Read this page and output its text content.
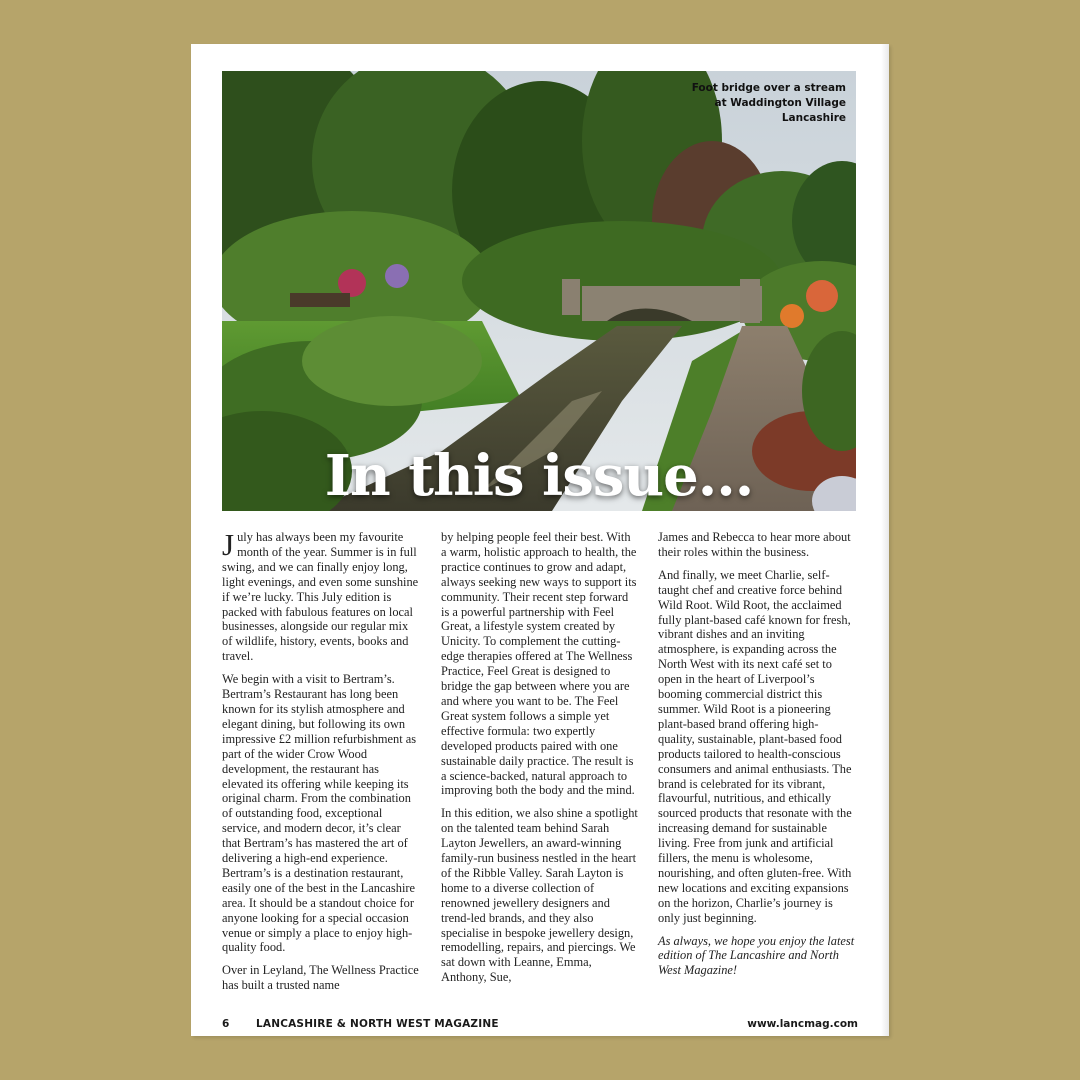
Foot bridge over a stream
at Waddington Village
Lancashire
In this issue...

July has always been my favourite month of the year. Summer is in full swing, and we can finally enjoy long, light evenings, and even some sunshine if we’re lucky. This July edition is packed with fabulous features on local businesses, alongside our regular mix of wildlife, history, events, books and travel.

We begin with a visit to Bertram’s. Bertram’s Restaurant has long been known for its stylish atmosphere and elegant dining, but following its own impressive £2 million refurbishment as part of the wider Crow Wood development, the restaurant has elevated its offering while keeping its original charm. From the combination of outstanding food, exceptional service, and modern decor, it’s clear that Bertram’s has mastered the art of delivering a high-end experience. Bertram’s is a destination restaurant, easily one of the best in the Lancashire area. It should be a standout choice for anyone looking for a special occasion venue or simply a place to enjoy high-quality food.

Over in Leyland, The Wellness Practice has built a trusted name

by helping people feel their best. With a warm, holistic approach to health, the practice continues to grow and adapt, always seeking new ways to support its community. Their recent step forward is a powerful partnership with Feel Great, a lifestyle system created by Unicity. To complement the cutting-edge therapies offered at The Wellness Practice, Feel Great is designed to bridge the gap between where you are and where you want to be. The Feel Great system follows a simple yet effective formula: two expertly developed products paired with one sustainable daily practice. The result is a science-backed, natural approach to improving both the body and the mind.

In this edition, we also shine a spotlight on the talented team behind Sarah Layton Jewellers, an award-winning family-run business nestled in the heart of the Ribble Valley. Sarah Layton is home to a diverse collection of renowned jewellery designers and trend-led brands, and they also specialise in bespoke jewellery design, remodelling, repairs, and piercings. We sat down with Leanne, Emma, Anthony, Sue,

James and Rebecca to hear more about their roles within the business.

And finally, we meet Charlie, self-taught chef and creative force behind Wild Root. Wild Root, the acclaimed fully plant-based café known for fresh, vibrant dishes and an inviting atmosphere, is expanding across the North West with its next café set to open in the heart of Liverpool’s booming commercial district this summer. Wild Root is a pioneering plant-based brand offering high-quality, sustainable, plant-based food products tailored to health-conscious consumers and animal enthusiasts. The brand is celebrated for its vibrant, flavourful, nutritious, and ethically sourced products that resonate with the increasing demand for sustainable living. Free from junk and artificial fillers, the menu is wholesome, nourishing, and often gluten-free. With new locations and exciting expansions on the horizon, Charlie’s journey is only just beginning.

As always, we hope you enjoy the latest edition of The Lancashire and North West Magazine!

6	LANCASHIRE & NORTH WEST MAGAZINE	www.lancmag.com
